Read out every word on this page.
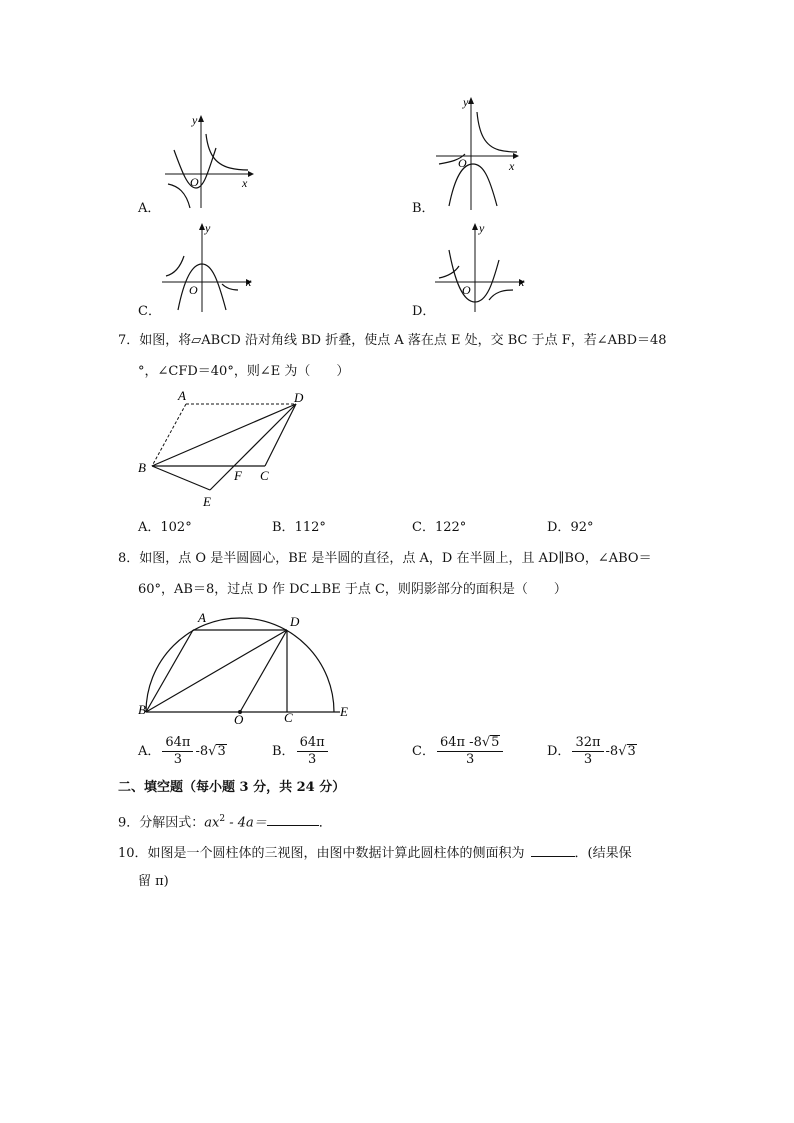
y
x
O
A．
y
x
O
B．
y
x
O
C．
y
x
O
D．
7．如图，将▱ABCD 沿对角线 BD 折叠，使点 A 落在点 E 处，交 BC 于点 F，若∠ABD＝48
°，∠CFD＝40°，则∠E 为（　　）
A	D
B
C
F
E
A．102°	B．112°	C．122°	D．92°
8．如图，点 O 是半圆圆心，BE 是半圆的直径，点 A，D 在半圆上，且 AD∥BO，∠ABO＝
60°，AB＝8，过点 D 作 DC⊥BE 于点 C，则阴影部分的面积是（　　）
A	D
B
O	C	E
A． $\frac{64\pi}{3} -8√3$	B． $\frac{64\pi}{3}$	C． $\frac{64\pi -8√5}{3}$	D． $\frac{32\pi}{3} -8√3$
二、填空题（每小题 3 分，共 24 分）
9．分解因式：$ax^2 - 4a=$	．
10．如图是一个圆柱体的三视图，由图中数据计算此圆柱体的侧面积为	．(结果保
留 π)
